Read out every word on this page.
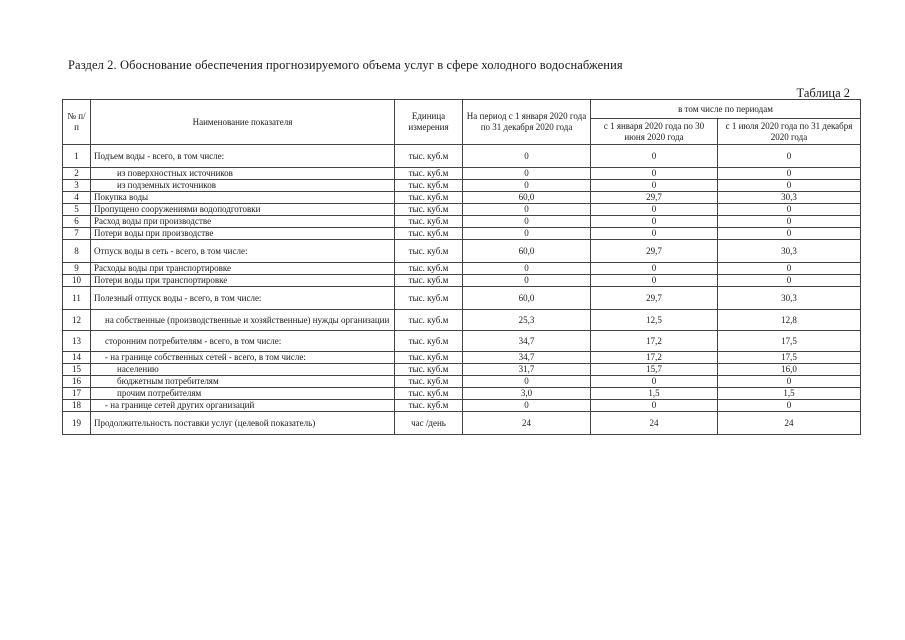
Раздел 2. Обоснование обеспечения прогнозируемого объема услуг в сфере холодного водоснабжения
Таблица 2
№ п/п	Наименование показателя	Единица измерения	На период с 1 января 2020 года по 31 декабря 2020 года	в том числе по периодам	
				с 1 января 2020 года по 30 июня 2020 года	с 1 июля 2020 года по 31 декабря 2020 года
1	Подъем воды - всего, в том числе:	тыс. куб.м	0	0	0
2	из поверхностных источников	тыс. куб.м	0	0	0
3	из подземных источников	тыс. куб.м	0	0	0
4	Покупка воды	тыс. куб.м	60,0	29,7	30,3
5	Пропущено сооружениями водоподготовки	тыс. куб.м	0	0	0
6	Расход воды при производстве	тыс. куб.м	0	0	0
7	Потери воды при производстве	тыс. куб.м	0	0	0
8	Отпуск воды в сеть - всего, в том числе:	тыс. куб.м	60,0	29,7	30,3
9	Расходы воды при транспортировке	тыс. куб.м	0	0	0
10	Потери воды при транспортировке	тыс. куб.м	0	0	0
11	Полезный отпуск воды - всего, в том числе:	тыс. куб.м	60,0	29,7	30,3
12	на собственные (производственные и хозяйственные) нужды организации	тыс. куб.м	25,3	12,5	12,8
13	сторонним потребителям - всего, в том числе:	тыс. куб.м	34,7	17,2	17,5
14	- на границе собственных сетей - всего, в том числе:	тыс. куб.м	34,7	17,2	17,5
15	населению	тыс. куб.м	31,7	15,7	16,0
16	бюджетным потребителям	тыс. куб.м	0	0	0
17	прочим потребителям	тыс. куб.м	3,0	1,5	1,5
18	- на границе сетей других организаций	тыс. куб.м	0	0	0
19	Продолжительность поставки услуг (целевой показатель)	час /день	24	24	24
